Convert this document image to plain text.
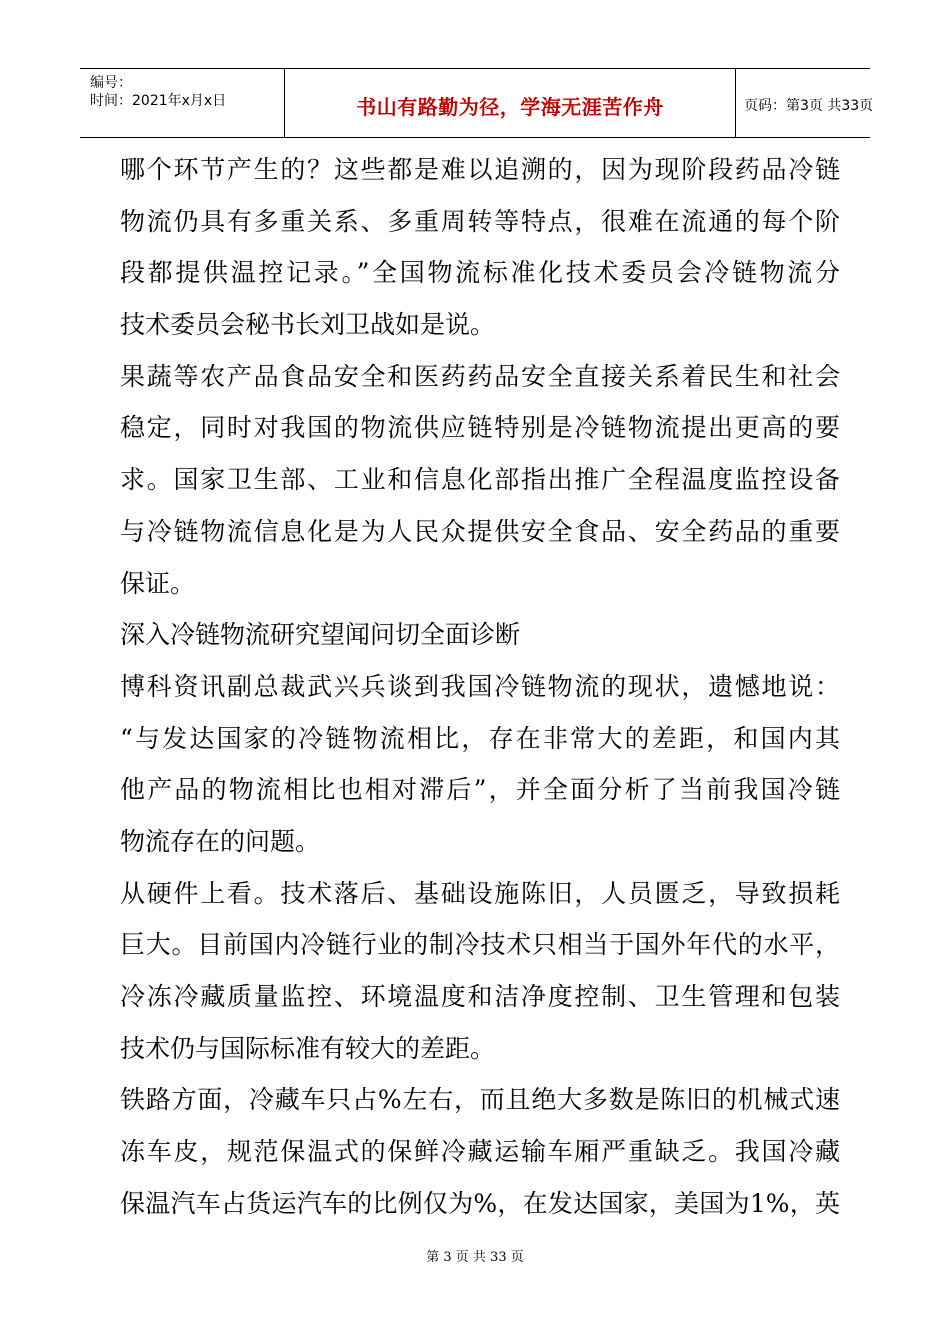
编号：
时间：2021年x月x日	书山有路勤为径，学海无涯苦作舟	页码：第3页 共33页
哪个环节产生的？这些都是难以追溯的，因为现阶段药品冷链
物流仍具有多重关系、多重周转等特点，很难在流通的每个阶
段都提供温控记录。”全国物流标准化技术委员会冷链物流分
技术委员会秘书长刘卫战如是说。
果蔬等农产品食品安全和医药药品安全直接关系着民生和社会
稳定，同时对我国的物流供应链特别是冷链物流提出更高的要
求。国家卫生部、工业和信息化部指出推广全程温度监控设备
与冷链物流信息化是为人民众提供安全食品、安全药品的重要
保证。
深入冷链物流研究望闻问切全面诊断
博科资讯副总裁武兴兵谈到我国冷链物流的现状，遗憾地说：
“与发达国家的冷链物流相比，存在非常大的差距，和国内其
他产品的物流相比也相对滞后”，并全面分析了当前我国冷链
物流存在的问题。
从硬件上看。技术落后、基础设施陈旧，人员匮乏，导致损耗
巨大。目前国内冷链行业的制冷技术只相当于国外年代的水平，
冷冻冷藏质量监控、环境温度和洁净度控制、卫生管理和包装
技术仍与国际标准有较大的差距。
铁路方面，冷藏车只占%左右，而且绝大多数是陈旧的机械式速
冻车皮，规范保温式的保鲜冷藏运输车厢严重缺乏。我国冷藏
保温汽车占货运汽车的比例仅为%，在发达国家，美国为1%，英
第 3 页 共 33 页
